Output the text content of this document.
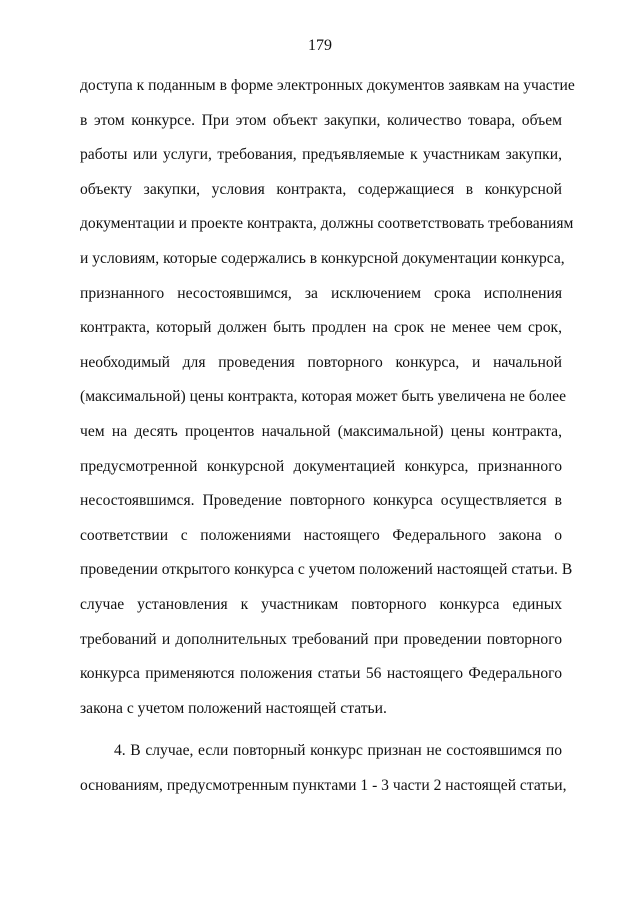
179
доступа к поданным в форме электронных документов заявкам на участие
в этом конкурсе. При этом объект закупки, количество товара, объем
работы или услуги, требования, предъявляемые к участникам закупки,
объекту закупки, условия контракта, содержащиеся в конкурсной
документации и проекте контракта, должны соответствовать требованиям
и условиям, которые содержались в конкурсной документации конкурса,
признанного несостоявшимся, за исключением срока исполнения
контракта, который должен быть продлен на срок не менее чем срок,
необходимый для проведения повторного конкурса, и начальной
(максимальной) цены контракта, которая может быть увеличена не более
чем на десять процентов начальной (максимальной) цены контракта,
предусмотренной конкурсной документацией конкурса, признанного
несостоявшимся. Проведение повторного конкурса осуществляется в
соответствии с положениями настоящего Федерального закона о
проведении открытого конкурса с учетом положений настоящей статьи. В
случае установления к участникам повторного конкурса единых
требований и дополнительных требований при проведении повторного
конкурса применяются положения статьи 56 настоящего Федерального
закона с учетом положений настоящей статьи.
4. В случае, если повторный конкурс признан не состоявшимся по
основаниям, предусмотренным пунктами 1 - 3 части 2 настоящей статьи,
